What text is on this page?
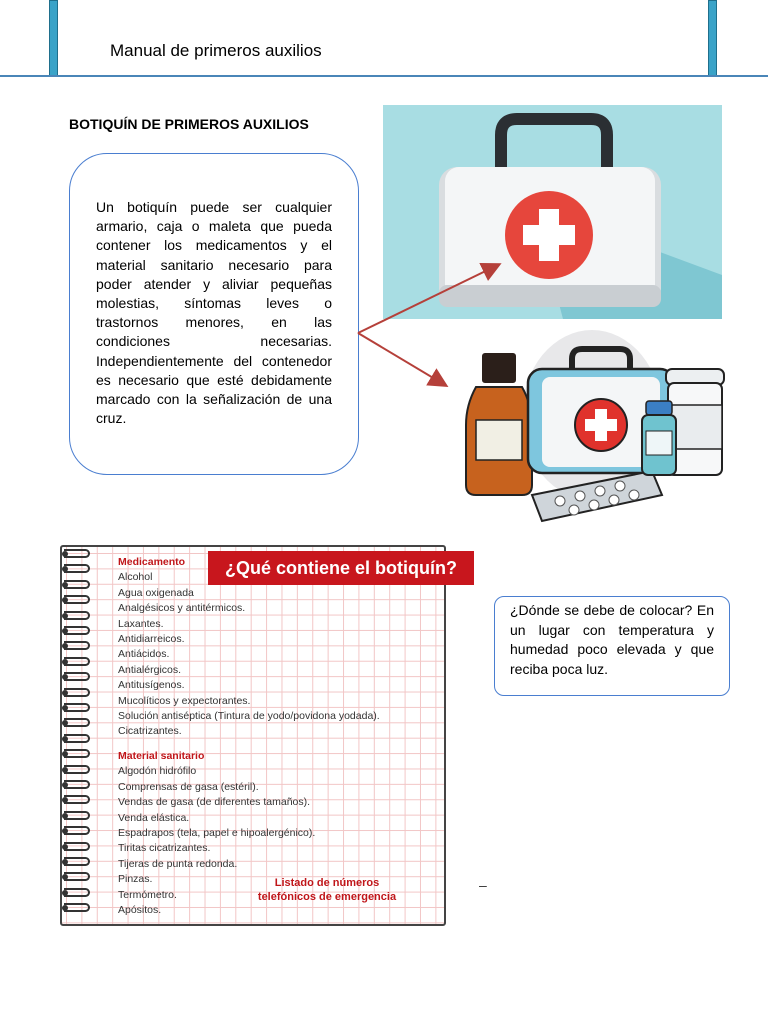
Manual de primeros auxilios
BOTIQUÍN DE PRIMEROS AUXILIOS
Un botiquín puede ser cualquier armario, caja o maleta que pueda contener los medicamentos y el material sanitario necesario para poder atender y aliviar pequeñas molestias, síntomas leves o trastornos menores, en las condiciones necesarias. Independientemente del contenedor es necesario que esté debidamente marcado con la señalización de una cruz.
Medicamento
Alcohol
Agua oxigenada
Analgésicos y antitérmicos.
Laxantes.
Antidiarreicos.
Antiácidos.
Antialérgicos.
Antitusígenos.
Mucolíticos y expectorantes.
Solución antiséptica (Tintura de yodo/povidona yodada).
Cicatrizantes.
Material sanitario
Algodón hidrófilo
Comprensas de gasa (estéril).
Vendas de gasa (de diferentes tamaños).
Venda elástica.
Espadrapos (tela, papel e hipoalergénico).
Tiritas cicatrizantes.
Tijeras de punta redonda.
Pinzas.
Termómetro.
Apósitos.
¿Qué contiene el botiquín?
Listado de números
telefónicos de emergencia
¿Dónde se debe de colocar? En un lugar con temperatura y humedad poco elevada y que reciba poca luz.
–
